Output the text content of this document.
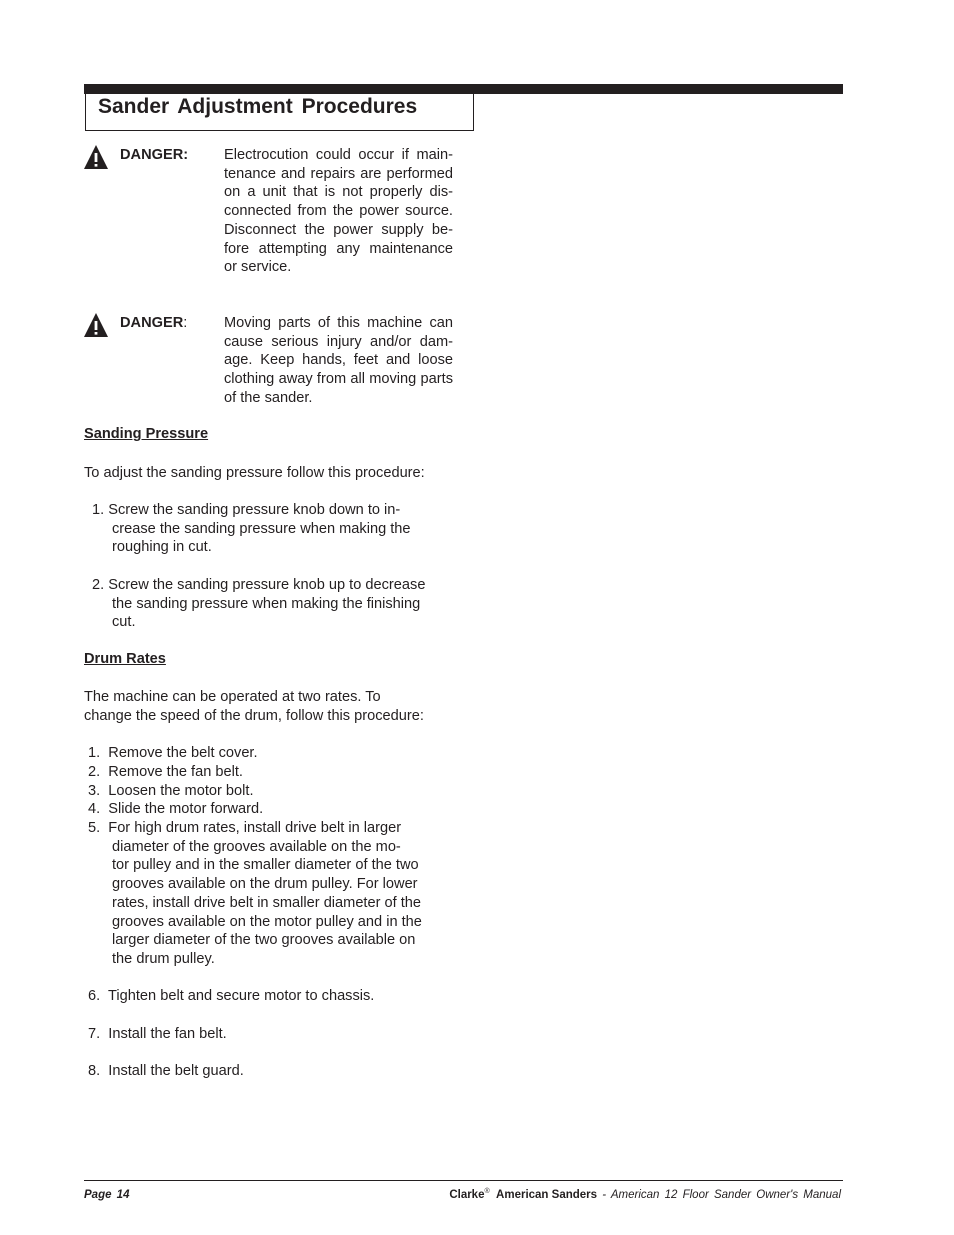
Sander Adjustment Procedures
DANGER: Electrocution could occur if main-
tenance and repairs are performed
on a unit that is not properly dis-
connected from the power source.
Disconnect the power supply be-
fore attempting any maintenance
or service.
DANGER:	Moving parts of this machine can
cause serious injury and/or dam-
age. Keep hands, feet and loose
clothing away from all moving parts
of the sander.
Sanding Pressure
To adjust the sanding pressure follow this procedure:
1. Screw the sanding pressure knob down to in-
crease the sanding pressure when making the
roughing in cut.
2. Screw the sanding pressure knob up to decrease
the sanding pressure when making the finishing
cut.
Drum Rates
The machine can be operated at two rates. To
change the speed of the drum, follow this procedure:
1. Remove the belt cover.
2. Remove the fan belt.
3. Loosen the motor bolt.
4. Slide the motor forward.
5. For high drum rates, install drive belt in larger
diameter of the grooves available on the mo-
tor pulley and in the smaller diameter of the two
grooves available on the drum pulley. For lower
rates, install drive belt in smaller diameter of the
grooves available on the motor pulley and in the
larger diameter of the two grooves available on
the drum pulley.
6. Tighten belt and secure motor to chassis.
7. Install the fan belt.
8. Install the belt guard.
Page 14	Clarke® American Sanders - American 12 Floor Sander Owner's Manual
